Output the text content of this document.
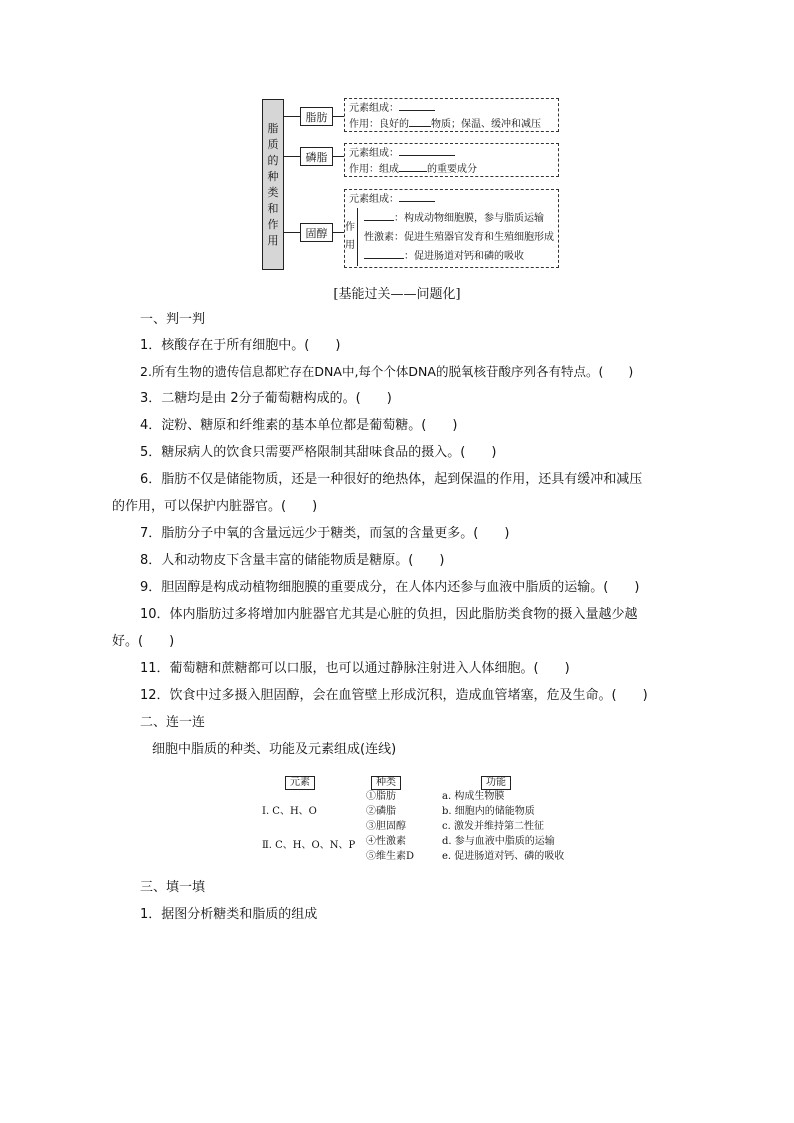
脂
质
的
种
类
和
作
用
脂肪
元素组成：
作用：良好的 物质；保温、缓冲和减压
磷脂 元素组成：
作用：组成	的重要成分
固醇
元素组成：
作
用
：构成动物细胞膜，参与脂质运输
性激素：促进生殖器官发育和生殖细胞形成
：促进肠道对钙和磷的吸收
[基能过关——问题化]
一、判一判
1．核酸存在于所有细胞中。(　　)
2.所有生物的遗传信息都贮存在DNA中,每个个体DNA的脱氧核苷酸序列各有特点。(　　)
3．二糖均是由 2分子葡萄糖构成的。(　　)
4．淀粉、糖原和纤维素的基本单位都是葡萄糖。(　　)
5．糖尿病人的饮食只需要严格限制其甜味食品的摄入。(　　)
6．脂肪不仅是储能物质，还是一种很好的绝热体，起到保温的作用，还具有缓冲和减压
的作用，可以保护内脏器官。(　　)
7．脂肪分子中氧的含量远远少于糖类，而氢的含量更多。(　　)
8．人和动物皮下含量丰富的储能物质是糖原。(　　)
9．胆固醇是构成动植物细胞膜的重要成分，在人体内还参与血液中脂质的运输。(　　)
10．体内脂肪过多将增加内脏器官尤其是心脏的负担，因此脂肪类食物的摄入量越少越
好。(　　)
11．葡萄糖和蔗糖都可以口服，也可以通过静脉注射进入人体细胞。(　　)
12．饮食中过多摄入胆固醇，会在血管壁上形成沉积，造成血管堵塞，危及生命。(　　)
二、连一连
细胞中脂质的种类、功能及元素组成(连线)
元素	种类	功能
Ⅰ. C、H、O
Ⅱ. C、H、O、N、P
①脂肪
②磷脂
③胆固醇
④性激素
⑤维生素D
a. 构成生物膜
b. 细胞内的储能物质
c. 激发并维持第二性征
d. 参与血液中脂质的运输
e. 促进肠道对钙、磷的吸收
三、填一填
1．据图分析糖类和脂质的组成
